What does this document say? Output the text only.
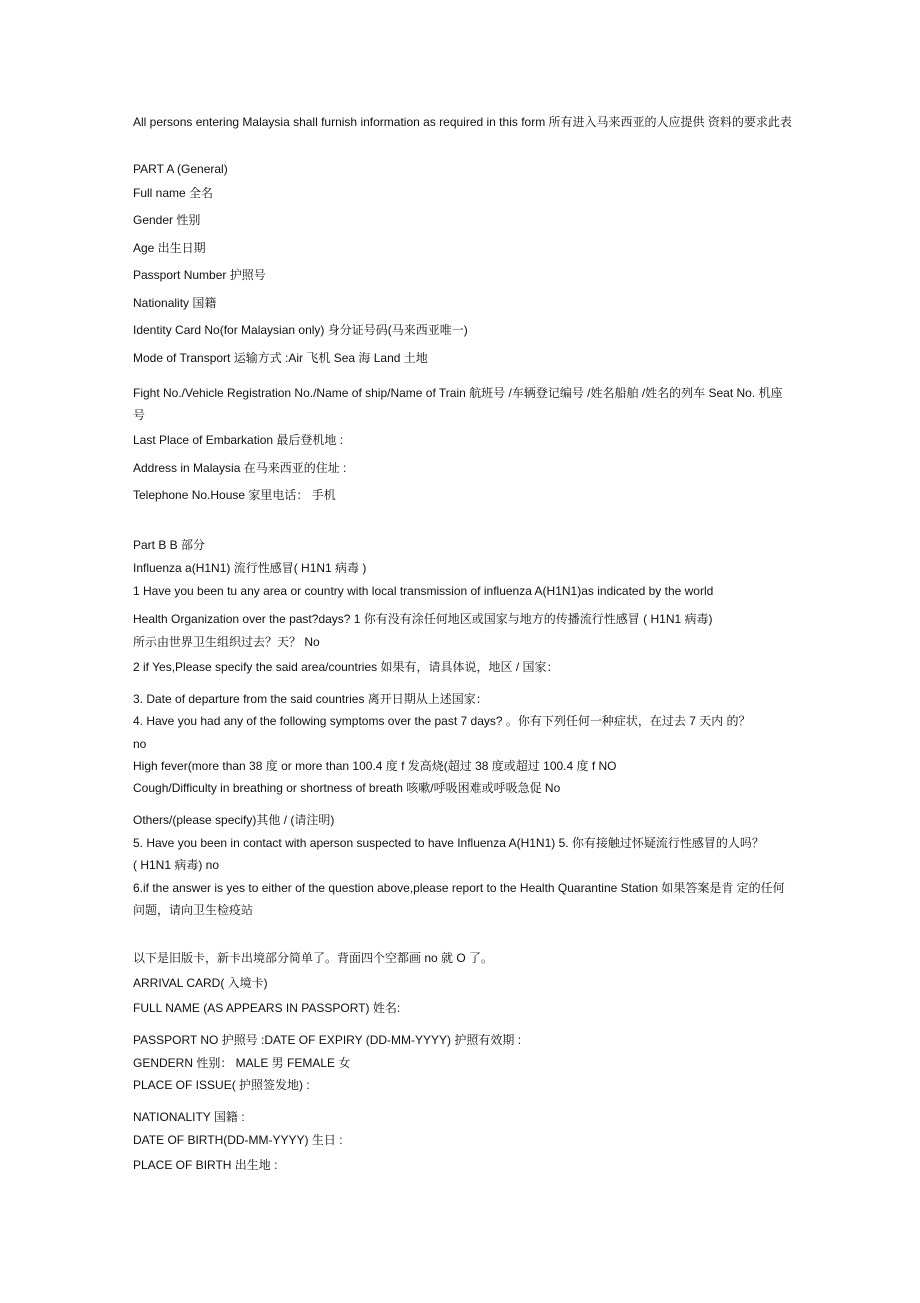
All persons entering Malaysia shall furnish information as required in this form 所有进入马来西亚的人应提供 资料的要求此表
PART A (General)
Full name 全名
Gender 性别
Age 出生日期
Passport Number 护照号
Nationality 国籍
Identity Card No(for Malaysian only) 身分证号码(马来西亚唯一)
Mode of Transport 运输方式 :Air 飞机 Sea 海 Land 土地
Fight No./Vehicle Registration No./Name of ship/Name of Train 航班号 /车辆登记编号 /姓名船舶 /姓名的列车 Seat No. 机座号
Last Place of Embarkation 最后登机地 :
Address in Malaysia 在马来西亚的住址 :
Telephone No.House 家里电话： 手机
Part B B 部分
Influenza a(H1N1) 流行性感冒( H1N1 病毒 )
1 Have you been tu any area or country with local transmission of influenza A(H1N1)as indicated by the world
Health Organization over the past?days? 1 你有没有涂任何地区或国家与地方的传播流行性感冒 ( H1N1 病毒)
所示由世界卫生组织过去？天？ No
2 if Yes,Please specify the said area/countries 如果有，请具体说，地区 / 国家：
3. Date of departure from the said countries 离开日期从上述国家：
4. Have you had any of the following symptoms over the past 7 days? 。你有下列任何一种症状，在过去 7 天内 的？
no
High fever(more than 38 度 or more than 100.4 度 f 发高烧(超过 38 度或超过 100.4 度 f NO
Cough/Difficulty in breathing or shortness of breath 咳嗽/呼吸困难或呼吸急促 No
Others/(please specify)其他 / (请注明)
5. Have you been in contact with aperson suspected to have Influenza A(H1N1) 5. 你有接触过怀疑流行性感冒的人吗？
( H1N1 病毒) no
6.if the answer is yes to either of the question above,please report to the Health Quarantine Station 如果答案是肯 定的任何问题，请向卫生检疫站
以下是旧版卡，新卡出境部分简单了。背面四个空都画 no 就 O 了。
ARRIVAL CARD( 入境卡)
FULL NAME (AS APPEARS IN PASSPORT) 姓名:
PASSPORT NO 护照号 :DATE OF EXPIRY (DD-MM-YYYY) 护照有效期 :
GENDERN 性别： MALE 男 FEMALE 女
PLACE OF ISSUE( 护照签发地) :
NATIONALITY 国籍 :
DATE OF BIRTH(DD-MM-YYYY) 生日 :
PLACE OF BIRTH 出生地 :
